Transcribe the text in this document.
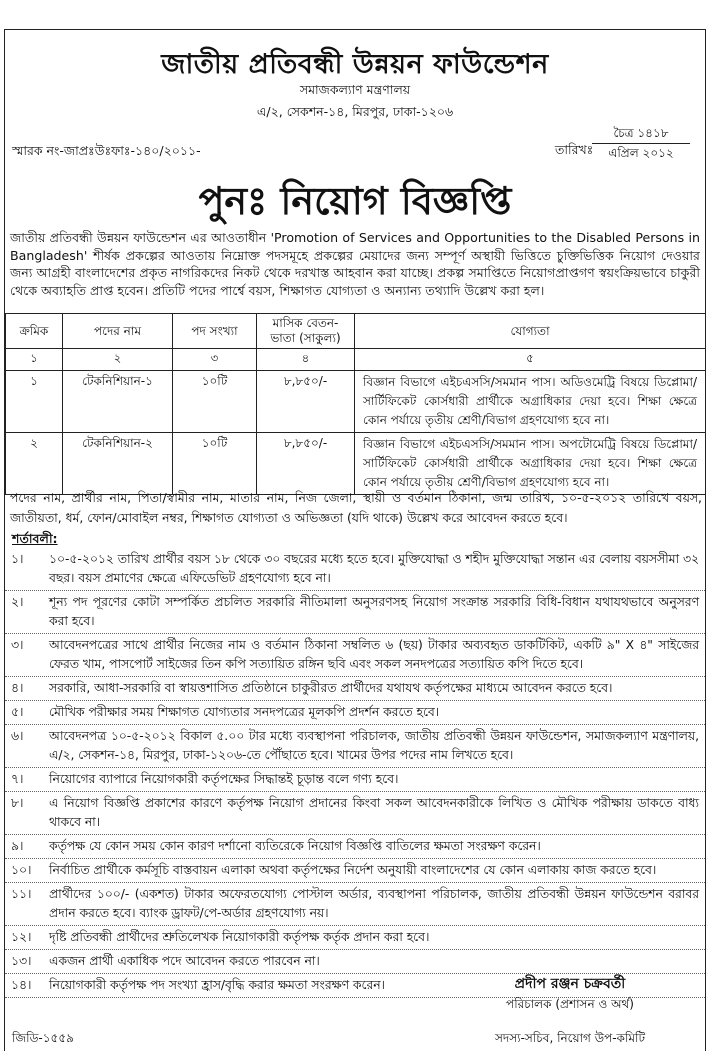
জাতীয় প্রতিবন্ধী উন্নয়ন ফাউন্ডেশন
সমাজকল্যাণ মন্ত্রণালয়
এ/২, সেকশন-১৪, মিরপুর, ঢাকা-১২০৬
স্মারক নং-জাপ্রঃউঃফাঃ-১৪০/২০১১-	তারিখঃ
চৈত্র ১৪১৮
এপ্রিল ২০১২
পুনঃ নিয়োগ বিজ্ঞপ্তি
জাতীয় প্রতিবন্ধী উন্নয়ন ফাউন্ডেশন এর আওতাধীন 'Promotion of Services and Opportunities to the Disabled Persons in Bangladesh' শীর্ষক প্রকল্পের আওতায় নিম্নোক্ত পদসমূহে প্রকল্পের মেয়াদের জন্য সম্পূর্ণ অস্থায়ী ভিত্তিতে চুক্তিভিত্তিক নিয়োগ দেওয়ার জন্য আগ্রহী বাংলাদেশের প্রকৃত নাগরিকদের নিকট থেকে দরখাস্ত আহবান করা যাচ্ছে। প্রকল্প সমাপ্তিতে নিয়োগপ্রাপ্তগণ স্বয়ংক্রিয়ভাবে চাকুরী থেকে অব্যাহতি প্রাপ্ত হবেন। প্রতিটি পদের পার্শ্বে বয়স, শিক্ষাগত যোগ্যতা ও অন্যান্য তথ্যাদি উল্লেখ করা হল।
ক্রমিক	পদের নাম	পদ সংখ্যা	মাসিক বেতন-ভাতা (সাকুল্য)	যোগ্যতা
১	২	৩	৪	৫
১	টেকনিশিয়ান-১	১০টি	৮,৮৫০/-	বিজ্ঞান বিভাগে এইচএসসি/সমমান পাস। অডিওমেট্রি বিষয়ে ডিপ্লোমা/সার্টিফিকেট কোর্সধারী প্রার্থীকে অগ্রাধিকার দেয়া হবে। শিক্ষা ক্ষেত্রে কোন পর্যায়ে তৃতীয় শ্রেণী/বিভাগ গ্রহণযোগ্য হবে না।
২	টেকনিশিয়ান-২	১০টি	৮,৮৫০/-	বিজ্ঞান বিভাগে এইচএসসি/সমমান পাস। অপটোমেট্রি বিষয়ে ডিপ্লোমা/সার্টিফিকেট কোর্সধারী প্রার্থীকে অগ্রাধিকার দেয়া হবে। শিক্ষা ক্ষেত্রে কোন পর্যায়ে তৃতীয় শ্রেণী/বিভাগ গ্রহণযোগ্য হবে না।
পদের নাম, প্রার্থীর নাম, পিতা/স্বামীর নাম, মাতার নাম, নিজ জেলা, স্থায়ী ও বর্তমান ঠিকানা, জন্ম তারিখ, ১০-৫-২০১২ তারিখে বয়স, জাতীয়তা, ধর্ম, ফোন/মোবাইল নম্বর, শিক্ষাগত যোগ্যতা ও অভিজ্ঞতা (যদি থাকে) উল্লেখ করে আবেদন করতে হবে।
শর্তাবলী:
১।	১০-৫-২০১২ তারিখ প্রার্থীর বয়স ১৮ থেকে ৩০ বছরের মধ্যে হতে হবে। মুক্তিযোদ্ধা ও শহীদ মুক্তিযোদ্ধা সন্তান এর বেলায় বয়সসীমা ৩২ বছর। বয়স প্রমাণের ক্ষেত্রে এফিডেভিট গ্রহণযোগ্য হবে না।
২।	শূন্য পদ পূরণের কোটা সম্পর্কিত প্রচলিত সরকারি নীতিমালা অনুসরণসহ নিয়োগ সংক্রান্ত সরকারি বিধি-বিধান যথাযথভাবে অনুসরণ করা হবে।
৩।	আবেদনপত্রের সাথে প্রার্থীর নিজের নাম ও বর্তমান ঠিকানা সম্বলিত ৬ (ছয়) টাকার অব্যবহৃত ডাকটিকিট, একটি ৯" X ৪" সাইজের ফেরত খাম, পাসপোর্ট সাইজের তিন কপি সত্যায়িত রঙ্গিন ছবি এবং সকল সনদপত্রের সত্যায়িত কপি দিতে হবে।
৪।	সরকারি, আধা-সরকারি বা স্বায়ত্তশাসিত প্রতিষ্ঠানে চাকুরীরত প্রার্থীদের যথাযথ কর্তৃপক্ষের মাধ্যমে আবেদন করতে হবে।
৫।	মৌখিক পরীক্ষার সময় শিক্ষাগত যোগ্যতার সনদপত্রের মূলকপি প্রদর্শন করতে হবে।
৬।	আবেদনপত্র ১০-৫-২০১২ বিকাল ৫.০০ টার মধ্যে ব্যবস্থাপনা পরিচালক, জাতীয় প্রতিবন্ধী উন্নয়ন ফাউন্ডেশন, সমাজকল্যাণ মন্ত্রণালয়, এ/২, সেকশন-১৪, মিরপুর, ঢাকা-১২০৬-তে পৌঁছাতে হবে। খামের উপর পদের নাম লিখতে হবে।
৭।	নিয়োগের ব্যাপারে নিয়োগকারী কর্তৃপক্ষের সিদ্ধান্তই চূড়ান্ত বলে গণ্য হবে।
৮।	এ নিয়োগ বিজ্ঞপ্তি প্রকাশের কারণে কর্তৃপক্ষ নিয়োগ প্রদানের কিংবা সকল আবেদনকারীকে লিখিত ও মৌখিক পরীক্ষায় ডাকতে বাধ্য থাকবে না।
৯।	কর্তৃপক্ষ যে কোন সময় কোন কারণ দর্শানো ব্যতিরেকে নিয়োগ বিজ্ঞপ্তি বাতিলের ক্ষমতা সংরক্ষণ করেন।
১০।	নির্বাচিত প্রার্থীকে কর্মসূচি বাস্তবায়ন এলাকা অথবা কর্তৃপক্ষের নির্দেশ অনুযায়ী বাংলাদেশের যে কোন এলাকায় কাজ করতে হবে।
১১।	প্রার্থীদের ১০০/- (একশত) টাকার অফেরতযোগ্য পোস্টাল অর্ডার, ব্যবস্থাপনা পরিচালক, জাতীয় প্রতিবন্ধী উন্নয়ন ফাউন্ডেশন বরাবর প্রদান করতে হবে। ব্যাংক ড্রাফট/পে-অর্ডার গ্রহণযোগ্য নয়।
১২।	দৃষ্টি প্রতিবন্ধী প্রার্থীদের শ্রুতিলেখক নিয়োগকারী কর্তৃপক্ষ কর্তৃক প্রদান করা হবে।
১৩।	একজন প্রার্থী একাধিক পদে আবেদন করতে পারবেন না।
১৪।	নিয়োগকারী কর্তৃপক্ষ পদ সংখ্যা হ্রাস/বৃদ্ধি করার ক্ষমতা সংরক্ষণ করেন।	প্রদীপ রঞ্জন চক্রবর্তী
পরিচালক (প্রশাসন ও অর্থ)
সদস্য-সচিব, নিয়োগ উপ-কমিটি
জিডি-১৫৫৯
